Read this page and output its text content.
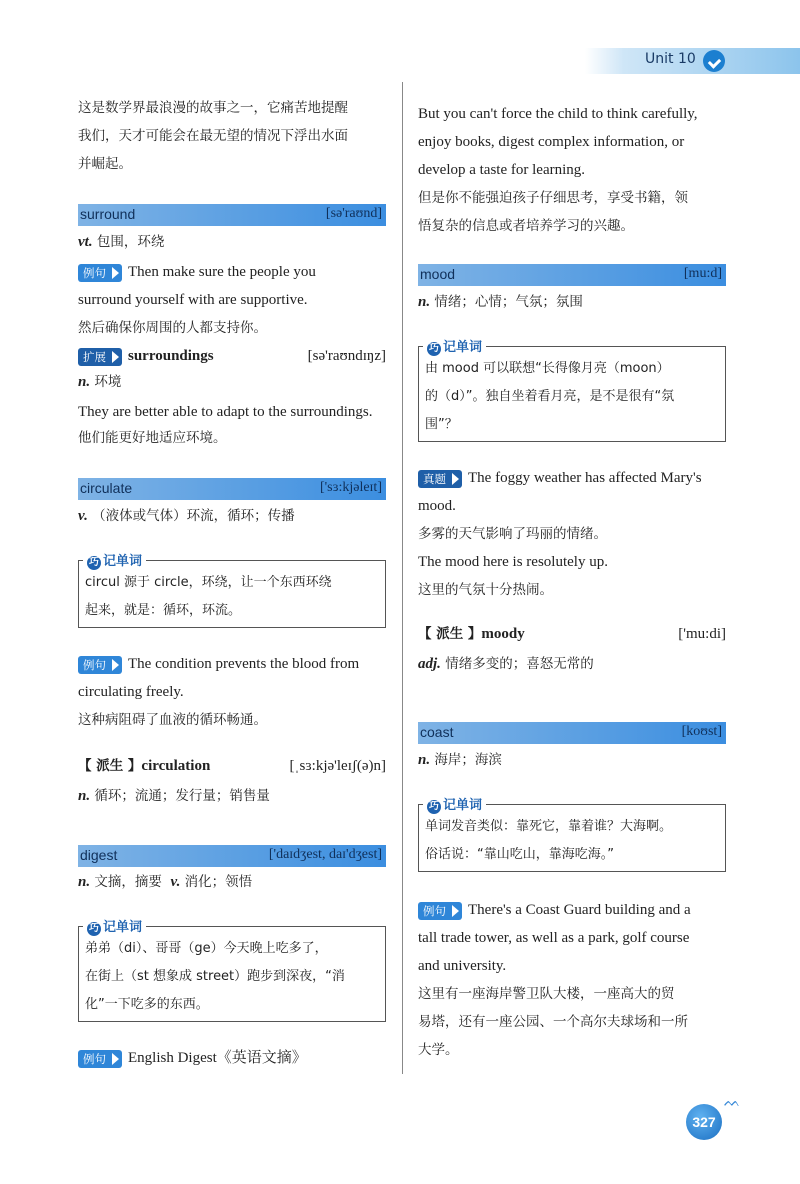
Unit 10

这是数学界最浪漫的故事之一，它痛苦地提醒

我们，天才可能会在最无望的情况下浮出水面

并崛起。

surround	[sə'raʊnd]

vt. 包围，环绕

例句 Then make sure the people you

surround yourself with are supportive.

然后确保你周围的人都支持你。

扩展 surroundings	[sə'raʊndɪŋz]

n. 环境

They are better able to adapt to the surroundings.

他们能更好地适应环境。

circulate	['sɜ:kjəleɪt]

v. （液体或气体）环流，循环；传播

巧 记单词
circul 源于 circle，环绕，让一个东西环绕
起来，就是：循环，环流。

例句 The condition prevents the blood from

circulating freely.

这种病阻碍了血液的循环畅通。

【 派生 】circulation	[ˌsɜ:kjə'leɪʃ(ə)n]

n. 循环；流通；发行量；销售量

digest	['daɪdʒest, daɪ'dʒest]

n. 文摘，摘要 v. 消化；领悟

巧 记单词
弟弟（di）、哥哥（ge）今天晚上吃多了，
在街上（st 想象成 street）跑步到深夜，“消
化”一下吃多的东西。

例句 English Digest《英语文摘》

But you can't force the child to think carefully,

enjoy books, digest complex information, or

develop a taste for learning.

但是你不能强迫孩子仔细思考，享受书籍，领

悟复杂的信息或者培养学习的兴趣。

mood	[mu:d]

n. 情绪；心情；气氛；氛围

巧 记单词
由 mood 可以联想“长得像月亮（moon）
的（d）”。独自坐着看月亮，是不是很有“氛
围”？

真题 The foggy weather has affected Mary's

mood.

多雾的天气影响了玛丽的情绪。

The mood here is resolutely up.

这里的气氛十分热闹。

【 派生 】moody	['mu:di]

adj. 情绪多变的；喜怒无常的

coast	[koʊst]

n. 海岸；海滨

巧 记单词
单词发音类似：靠死它，靠着谁？大海啊。
俗话说：“靠山吃山，靠海吃海。”

例句 There's a Coast Guard building and a

tall trade tower, as well as a park, golf course

and university.

这里有一座海岸警卫队大楼，一座高大的贸

易塔，还有一座公园、一个高尔夫球场和一所

大学。

327
ᨓ
